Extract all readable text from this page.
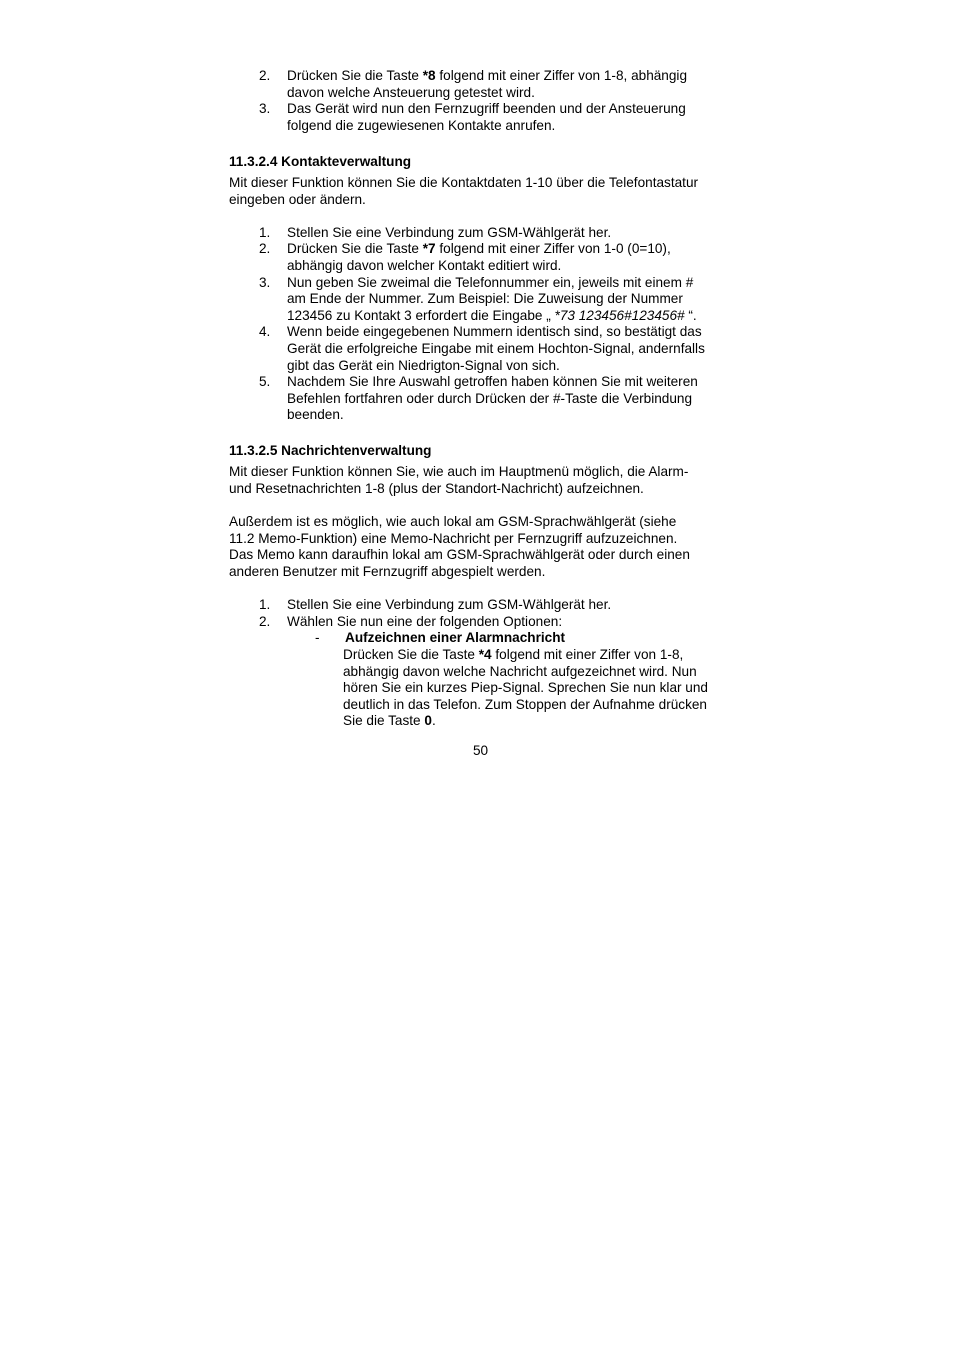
2. Drücken Sie die Taste *8 folgend mit einer Ziffer von 1-8, abhängig
davon welche Ansteuerung getestet wird.
3. Das Gerät wird nun den Fernzugriff beenden und der Ansteuerung
folgend die zugewiesenen Kontakte anrufen.
11.3.2.4 Kontakteverwaltung
Mit dieser Funktion können Sie die Kontaktdaten 1-10 über die Telefontastatur
eingeben oder ändern.
1. Stellen Sie eine Verbindung zum GSM-Wählgerät her.
2. Drücken Sie die Taste *7 folgend mit einer Ziffer von 1-0 (0=10),
abhängig davon welcher Kontakt editiert wird.
3. Nun geben Sie zweimal die Telefonnummer ein, jeweils mit einem #
am Ende der Nummer. Zum Beispiel: Die Zuweisung der Nummer
123456 zu Kontakt 3 erfordert die Eingabe „ *73 123456#123456# “.
4. Wenn beide eingegebenen Nummern identisch sind, so bestätigt das
Gerät die erfolgreiche Eingabe mit einem Hochton-Signal, andernfalls
gibt das Gerät ein Niedrigton-Signal von sich.
5. Nachdem Sie Ihre Auswahl getroffen haben können Sie mit weiteren
Befehlen fortfahren oder durch Drücken der #-Taste die Verbindung
beenden.
11.3.2.5 Nachrichtenverwaltung
Mit dieser Funktion können Sie, wie auch im Hauptmenü möglich, die Alarm-
und Resetnachrichten 1-8 (plus der Standort-Nachricht) aufzeichnen.
Außerdem ist es möglich, wie auch lokal am GSM-Sprachwählgerät (siehe
11.2 Memo-Funktion) eine Memo-Nachricht per Fernzugriff aufzuzeichnen.
Das Memo kann daraufhin lokal am GSM-Sprachwählgerät oder durch einen
anderen Benutzer mit Fernzugriff abgespielt werden.
1. Stellen Sie eine Verbindung zum GSM-Wählgerät her.
2. Wählen Sie nun eine der folgenden Optionen:
- Aufzeichnen einer Alarmnachricht
Drücken Sie die Taste *4 folgend mit einer Ziffer von 1-8,
abhängig davon welche Nachricht aufgezeichnet wird. Nun
hören Sie ein kurzes Piep-Signal. Sprechen Sie nun klar und
deutlich in das Telefon. Zum Stoppen der Aufnahme drücken
Sie die Taste 0.
50
